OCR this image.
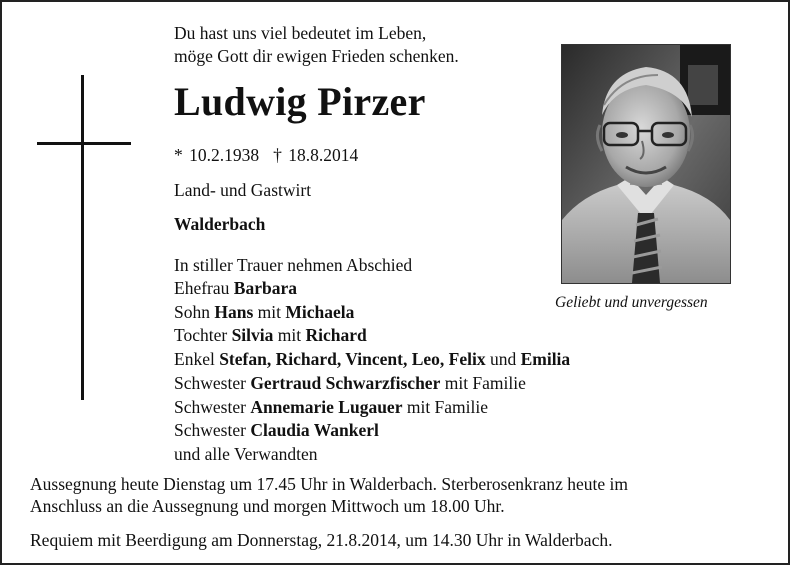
Du hast uns viel bedeutet im Leben,
möge Gott dir ewigen Frieden schenken.
Ludwig Pirzer
* 10.2.1938 † 18.8.2014
Land- und Gastwirt
Walderbach
In stiller Trauer nehmen Abschied
Ehefrau Barbara
Sohn Hans mit Michaela
Tochter Silvia mit Richard
Enkel Stefan, Richard, Vincent, Leo, Felix und Emilia
Schwester Gertraud Schwarzfischer mit Familie
Schwester Annemarie Lugauer mit Familie
Schwester Claudia Wankerl
und alle Verwandten
Geliebt und unvergessen
Aussegnung heute Dienstag um 17.45 Uhr in Walderbach. Sterberosenkranz heute im
Anschluss an die Aussegnung und morgen Mittwoch um 18.00 Uhr.
Requiem mit Beerdigung am Donnerstag, 21.8.2014, um 14.30 Uhr in Walderbach.
